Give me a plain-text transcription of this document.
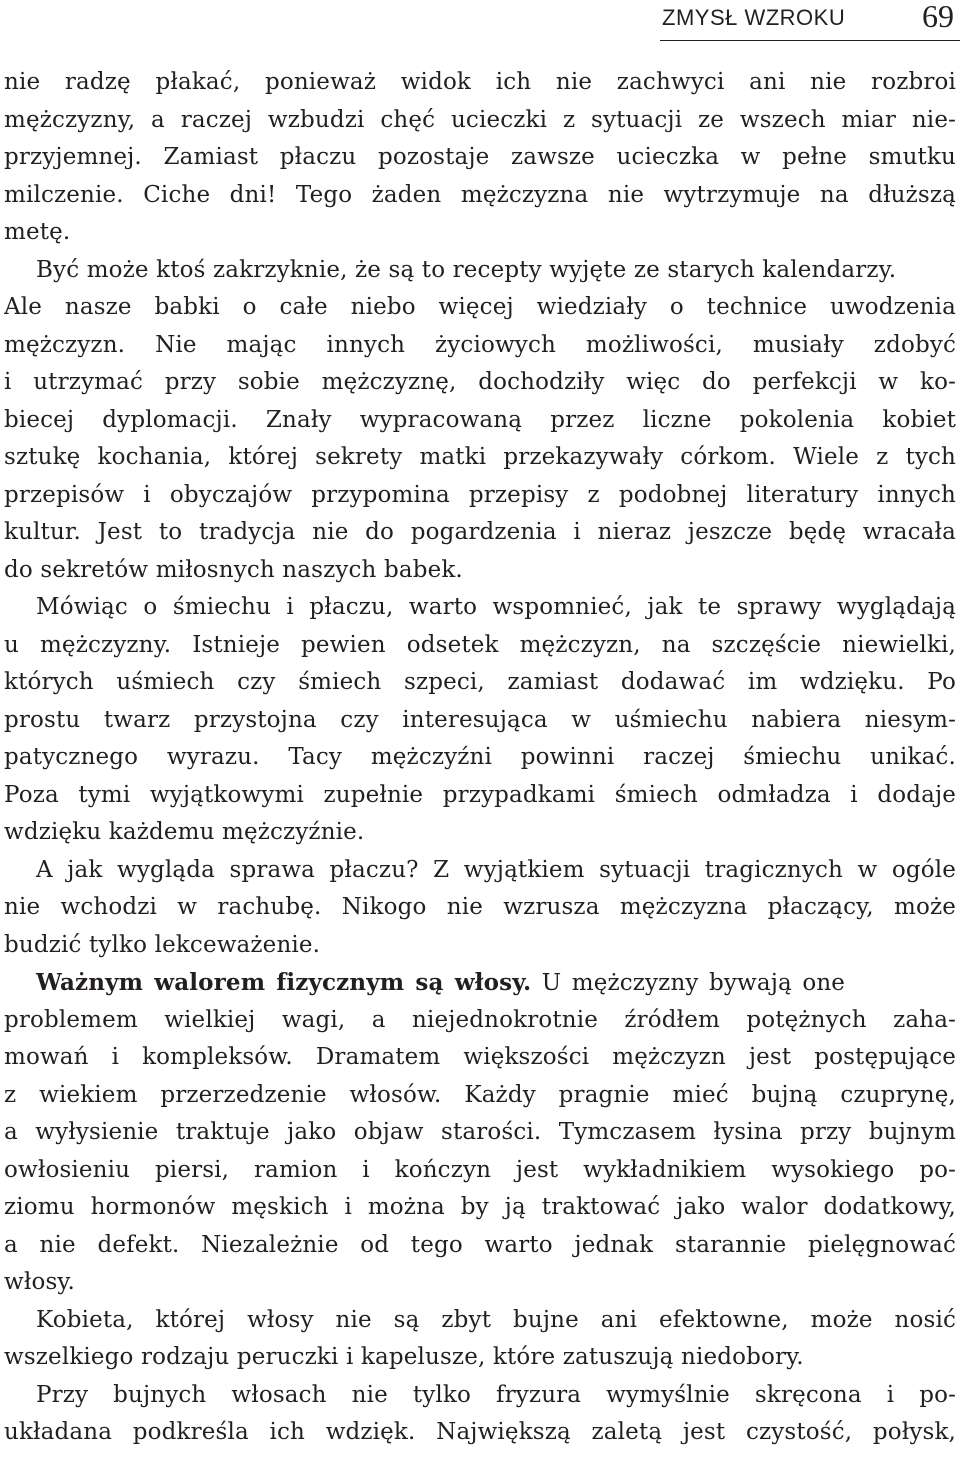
ZMYSŁ WZROKU 69
nie radzę płakać, ponieważ widok ich nie zachwyci ani nie rozbroi
mężczyzny, a raczej wzbudzi chęć ucieczki z sytuacji ze wszech miar nie-
przyjemnej. Zamiast płaczu pozostaje zawsze ucieczka w pełne smutku
milczenie. Ciche dni! Tego żaden mężczyzna nie wytrzymuje na dłuższą
metę.
Być może ktoś zakrzyknie, że są to recepty wyjęte ze starych kalendarzy.
Ale nasze babki o całe niebo więcej wiedziały o technice uwodzenia
mężczyzn. Nie mając innych życiowych możliwości, musiały zdobyć
i utrzymać przy sobie mężczyznę, dochodziły więc do perfekcji w ko-
biecej dyplomacji. Znały wypracowaną przez liczne pokolenia kobiet
sztukę kochania, której sekrety matki przekazywały córkom. Wiele z tych
przepisów i obyczajów przypomina przepisy z podobnej literatury innych
kultur. Jest to tradycja nie do pogardzenia i nieraz jeszcze będę wracała
do sekretów miłosnych naszych babek.
Mówiąc o śmiechu i płaczu, warto wspomnieć, jak te sprawy wyglądają
u mężczyzny. Istnieje pewien odsetek mężczyzn, na szczęście niewielki,
których uśmiech czy śmiech szpeci, zamiast dodawać im wdzięku. Po
prostu twarz przystojna czy interesująca w uśmiechu nabiera niesym-
patycznego wyrazu. Tacy mężczyźni powinni raczej śmiechu unikać.
Poza tymi wyjątkowymi zupełnie przypadkami śmiech odmładza i dodaje
wdzięku każdemu mężczyźnie.
A jak wygląda sprawa płaczu? Z wyjątkiem sytuacji tragicznych w ogóle
nie wchodzi w rachubę. Nikogo nie wzrusza mężczyzna płaczący, może
budzić tylko lekceważenie.
Ważnym walorem fizycznym są włosy. U mężczyzny bywają one
problemem wielkiej wagi, a niejednokrotnie źródłem potężnych zaha-
mowań i kompleksów. Dramatem większości mężczyzn jest postępujące
z wiekiem przerzedzenie włosów. Każdy pragnie mieć bujną czuprynę,
a wyłysienie traktuje jako objaw starości. Tymczasem łysina przy bujnym
owłosieniu piersi, ramion i kończyn jest wykładnikiem wysokiego po-
ziomu hormonów męskich i można by ją traktować jako walor dodatkowy,
a nie defekt. Niezależnie od tego warto jednak starannie pielęgnować
włosy.
Kobieta, której włosy nie są zbyt bujne ani efektowne, może nosić
wszelkiego rodzaju peruczki i kapelusze, które zatuszują niedobory.
Przy bujnych włosach nie tylko fryzura wymyślnie skręcona i po-
układana podkreśla ich wdzięk. Największą zaletą jest czystość, połysk,
